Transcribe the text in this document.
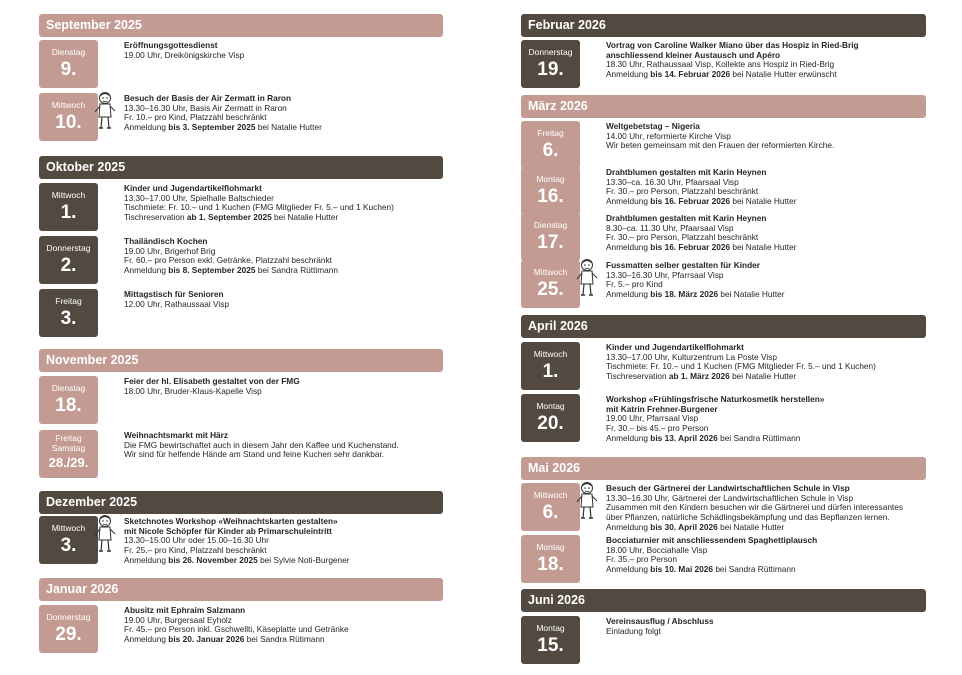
September 2025
Dienstag
9.
Eröffnungsgottesdienst
19.00 Uhr, Dreikönigskirche Visp
Mittwoch
10.
Besuch der Basis der Air Zermatt in Raron
13.30–16.30 Uhr, Basis Air Zermatt in Raron
Fr. 10.– pro Kind, Platzzahl beschränkt
Anmeldung bis 3. September 2025 bei Natalie Hutter
Oktober 2025
Mittwoch
1.
Kinder und Jugendartikelflohmarkt
13.30–17.00 Uhr, Spielhalle Baltschieder
Tischmiete: Fr. 10.– und 1 Kuchen (FMG Mitglieder Fr. 5.– und 1 Kuchen)
Tischreservation ab 1. September 2025 bei Natalie Hutter
Donnerstag
2.
Thailändisch Kochen
19.00 Uhr, Brigerhof Brig
Fr. 60.– pro Person exkl. Getränke, Platzzahl beschränkt
Anmeldung bis 8. September 2025 bei Sandra Rüttimann
Freitag
3.
Mittagstisch für Senioren
12.00 Uhr, Rathaussaal Visp
November 2025
Dienstag
18.
Feier der hl. Elisabeth gestaltet von der FMG
18.00 Uhr, Bruder-Klaus-Kapelle Visp
Freitag
Samstag
28./29.
Weihnachtsmarkt mit Härz
Die FMG bewirtschaftet auch in diesem Jahr den Kaffee und Kuchenstand.
Wir sind für helfende Hände am Stand und feine Kuchen sehr dankbar.
Dezember 2025
Mittwoch
3.
Sketchnotes Workshop «Weihnachtskarten gestalten»
mit Nicole Schöpfer für Kinder ab Primarschuleintritt
13.30–15.00 Uhr oder 15.00–16.30 Uhr
Fr. 25.– pro Kind, Platzzahl beschränkt
Anmeldung bis 26. November 2025 bei Sylvie Noti-Burgener
Januar 2026
Donnerstag
29.
Abusitz mit Ephraim Salzmann
19.00 Uhr, Burgersaal Eyholz
Fr. 45.– pro Person inkl. Gschwellti, Käseplatte und Getränke
Anmeldung bis 20. Januar 2026 bei Sandra Rütimann
Februar 2026
Donnerstag
19.
Vortrag von Caroline Walker Miano über das Hospiz in Ried-Brig
anschliessend kleiner Austausch und Apéro
18.30 Uhr, Rathaussaal Visp, Kollekte ans Hospiz in Ried-Brig
Anmeldung bis 14. Februar 2026 bei Natalie Hutter erwünscht
März 2026
Freitag
6.
Weltgebetstag – Nigeria
14.00 Uhr, reformierte Kirche Visp
Wir beten gemeinsam mit den Frauen der reformierten Kirche.
Montag
16.
Drahtblumen gestalten mit Karin Heynen
13.30–ca. 16.30 Uhr, Pfaarsaal Visp
Fr. 30.– pro Person, Platzzahl beschränkt
Anmeldung bis 16. Februar 2026 bei Natalie Hutter
Dienstag
17.
Drahtblumen gestalten mit Karin Heynen
8.30–ca. 11.30 Uhr, Pfaarsaal Visp
Fr. 30.– pro Person, Platzzahl beschränkt
Anmeldung bis 16. Februar 2026 bei Natalie Hutter
Mittwoch
25.
Fussmatten selber gestalten für Kinder
13.30–16.30 Uhr, Pfarrsaal Visp
Fr. 5.– pro Kind
Anmeldung bis 18. März 2026 bei Natalie Hutter
April 2026
Mittwoch
1.
Kinder und Jugendartikelflohmarkt
13.30–17.00 Uhr, Kulturzentrum La Poste Visp
Tischmiete: Fr. 10.– und 1 Kuchen (FMG Mitglieder Fr. 5.– und 1 Kuchen)
Tischreservation ab 1. März 2026 bei Natalie Hutter
Montag
20.
Workshop «Frühlingsfrische Naturkosmetik herstellen»
mit Katrin Frehner-Burgener
19.00 Uhr, Pfarrsaal Visp
Fr. 30.– bis 45.– pro Person
Anmeldung bis 13. April 2026 bei Sandra Rüttimann
Mai 2026
Mittwoch
6.
Besuch der Gärtnerei der Landwirtschaftlichen Schule in Visp
13.30–16.30 Uhr, Gärtnerei der Landwirtschaftlichen Schule in Visp
Zusammen mit den Kindern besuchen wir die Gärtnerei und dürfen interessantes
über Pflanzen, natürliche Schädlingsbekämpfung und das Bepflanzen lernen.
Anmeldung bis 30. April 2026 bei Natalie Hutter
Montag
18.
Bocciaturnier mit anschliessendem Spaghettiplausch
18.00 Uhr, Bocciahalle Visp
Fr. 35.– pro Person
Anmeldung bis 10. Mai 2026 bei Sandra Rüttimann
Juni 2026
Montag
15.
Vereinsausflug / Abschluss
Einladung folgt
